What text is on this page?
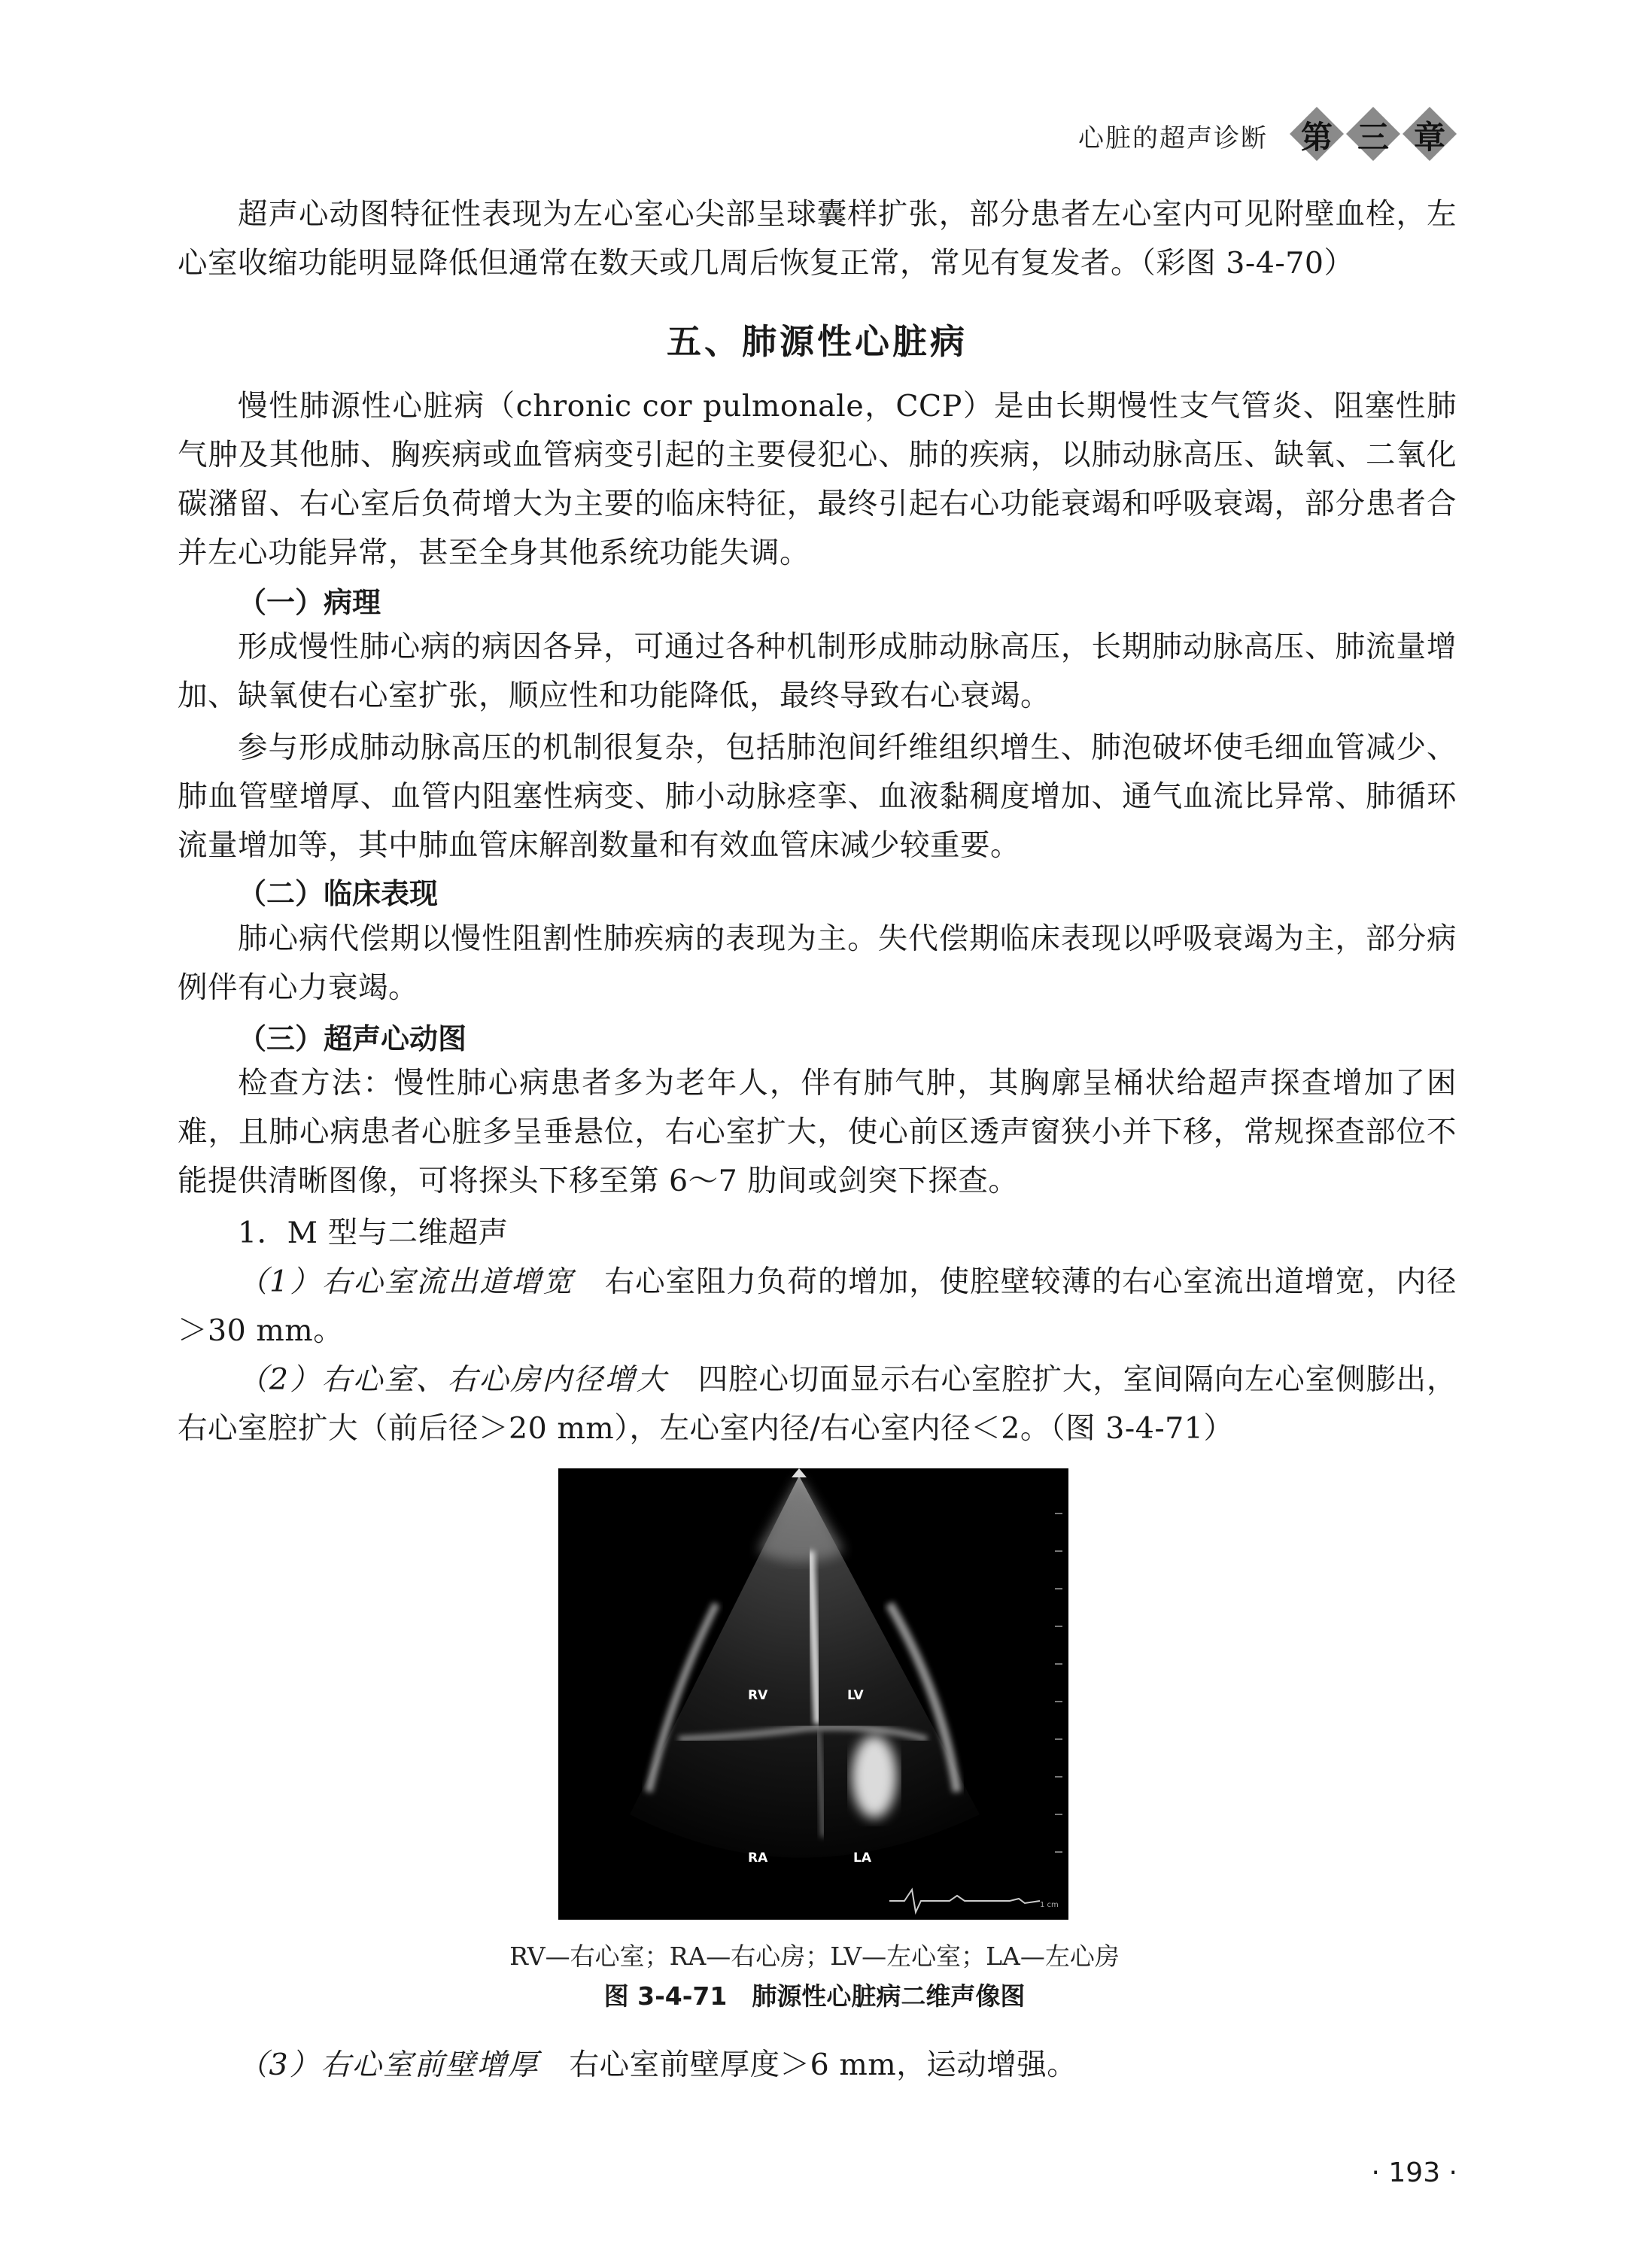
心脏的超声诊断 第 三 章

超声心动图特征性表现为左心室心尖部呈球囊样扩张，部分患者左心室内可见附壁血栓，左心室收缩功能明显降低但通常在数天或几周后恢复正常，常见有复发者。（彩图 3-4-70）

五、肺源性心脏病

慢性肺源性心脏病（chronic cor pulmonale，CCP）是由长期慢性支气管炎、阻塞性肺气肿及其他肺、胸疾病或血管病变引起的主要侵犯心、肺的疾病，以肺动脉高压、缺氧、二氧化碳潴留、右心室后负荷增大为主要的临床特征，最终引起右心功能衰竭和呼吸衰竭，部分患者合并左心功能异常，甚至全身其他系统功能失调。

（一）病理

形成慢性肺心病的病因各异，可通过各种机制形成肺动脉高压，长期肺动脉高压、肺流量增加、缺氧使右心室扩张，顺应性和功能降低，最终导致右心衰竭。

参与形成肺动脉高压的机制很复杂，包括肺泡间纤维组织增生、肺泡破坏使毛细血管减少、肺血管壁增厚、血管内阻塞性病变、肺小动脉痉挛、血液黏稠度增加、通气血流比异常、肺循环流量增加等，其中肺血管床解剖数量和有效血管床减少较重要。

（二）临床表现

肺心病代偿期以慢性阻割性肺疾病的表现为主。失代偿期临床表现以呼吸衰竭为主，部分病例伴有心力衰竭。

（三）超声心动图

检查方法：慢性肺心病患者多为老年人，伴有肺气肿，其胸廓呈桶状给超声探查增加了困难，且肺心病患者心脏多呈垂悬位，右心室扩大，使心前区透声窗狭小并下移，常规探查部位不能提供清晰图像，可将探头下移至第 6～7 肋间或剑突下探查。

1．M 型与二维超声

（1）右心室流出道增宽　 右心室阻力负荷的增加，使腔壁较薄的右心室流出道增宽，内径＞30 mm。

（2）右心室、右心房内径增大　 四腔心切面显示右心室腔扩大，室间隔向左心室侧膨出，右心室腔扩大（前后径＞20 mm），左心室内径/右心室内径＜2。（图 3-4-71）

（3）右心室前壁增厚　 右心室前壁厚度＞6 mm，运动增强。

RV	LV
RA	LA
1 cm
RV—右心室；RA—右心房；LV—左心室；LA—左心房
图 3-4-71　肺源性心脏病二维声像图
· 193 ·
